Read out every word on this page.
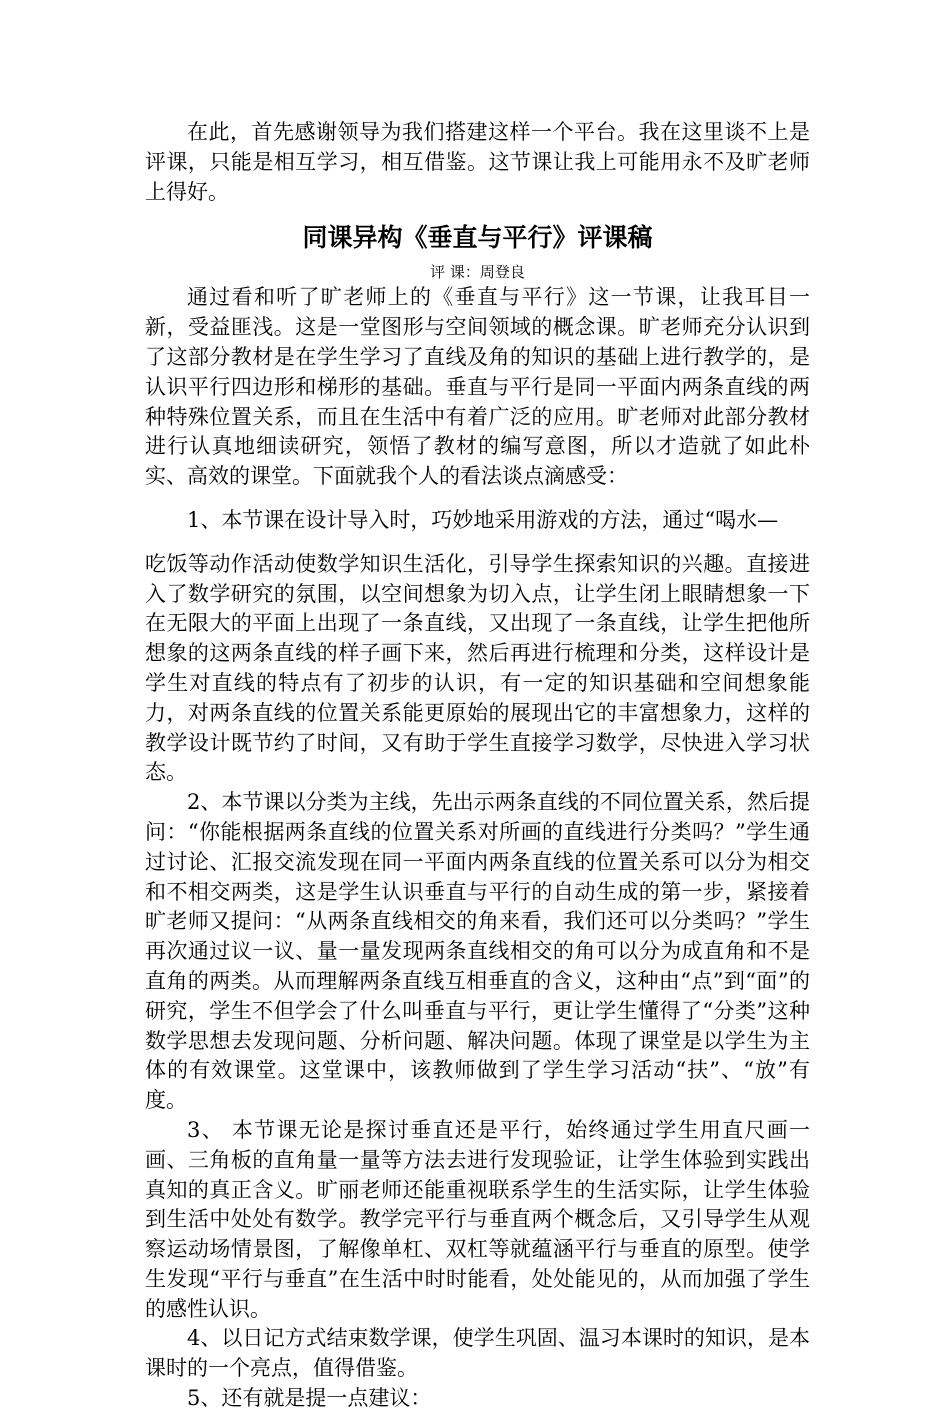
在此，首先感谢领导为我们搭建这样一个平台。我在这里谈不上是评课，只能是相互学习，相互借鉴。这节课让我上可能用永不及旷老师上得好。

同课异构《垂直与平行》评课稿

评 课：周登良

通过看和听了旷老师上的《垂直与平行》这一节课，让我耳目一新，受益匪浅。这是一堂图形与空间领域的概念课。旷老师充分认识到了这部分教材是在学生学习了直线及角的知识的基础上进行教学的，是认识平行四边形和梯形的基础。垂直与平行是同一平面内两条直线的两种特殊位置关系，而且在生活中有着广泛的应用。旷老师对此部分教材进行认真地细读研究，领悟了教材的编写意图，所以才造就了如此朴实、高效的课堂。下面就我个人的看法谈点滴感受：

1、本节课在设计导入时，巧妙地采用游戏的方法，通过“喝水—

吃饭等动作活动使数学知识生活化，引导学生探索知识的兴趣。直接进入了数学研究的氛围，以空间想象为切入点，让学生闭上眼睛想象一下在无限大的平面上出现了一条直线，又出现了一条直线，让学生把他所想象的这两条直线的样子画下来，然后再进行梳理和分类，这样设计是学生对直线的特点有了初步的认识，有一定的知识基础和空间想象能力，对两条直线的位置关系能更原始的展现出它的丰富想象力，这样的教学设计既节约了时间，又有助于学生直接学习数学，尽快进入学习状态。

2、本节课以分类为主线，先出示两条直线的不同位置关系，然后提问：“你能根据两条直线的位置关系对所画的直线进行分类吗？”学生通过讨论、汇报交流发现在同一平面内两条直线的位置关系可以分为相交和不相交两类，这是学生认识垂直与平行的自动生成的第一步，紧接着旷老师又提问：“从两条直线相交的角来看，我们还可以分类吗？”学生再次通过议一议、量一量发现两条直线相交的角可以分为成直角和不是直角的两类。从而理解两条直线互相垂直的含义，这种由“点”到“面”的研究，学生不但学会了什么叫垂直与平行，更让学生懂得了“分类”这种数学思想去发现问题、分析问题、解决问题。体现了课堂是以学生为主体的有效课堂。这堂课中，该教师做到了学生学习活动“扶”、“放”有度。

3、 本节课无论是探讨垂直还是平行，始终通过学生用直尺画一画、三角板的直角量一量等方法去进行发现验证，让学生体验到实践出真知的真正含义。旷丽老师还能重视联系学生的生活实际，让学生体验到生活中处处有数学。教学完平行与垂直两个概念后，又引导学生从观察运动场情景图，了解像单杠、双杠等就蕴涵平行与垂直的原型。使学生发现“平行与垂直”在生活中时时能看，处处能见的，从而加强了学生的感性认识。

4、以日记方式结束数学课，使学生巩固、温习本课时的知识，是本课时的一个亮点，值得借鉴。

5、还有就是提一点建议：
